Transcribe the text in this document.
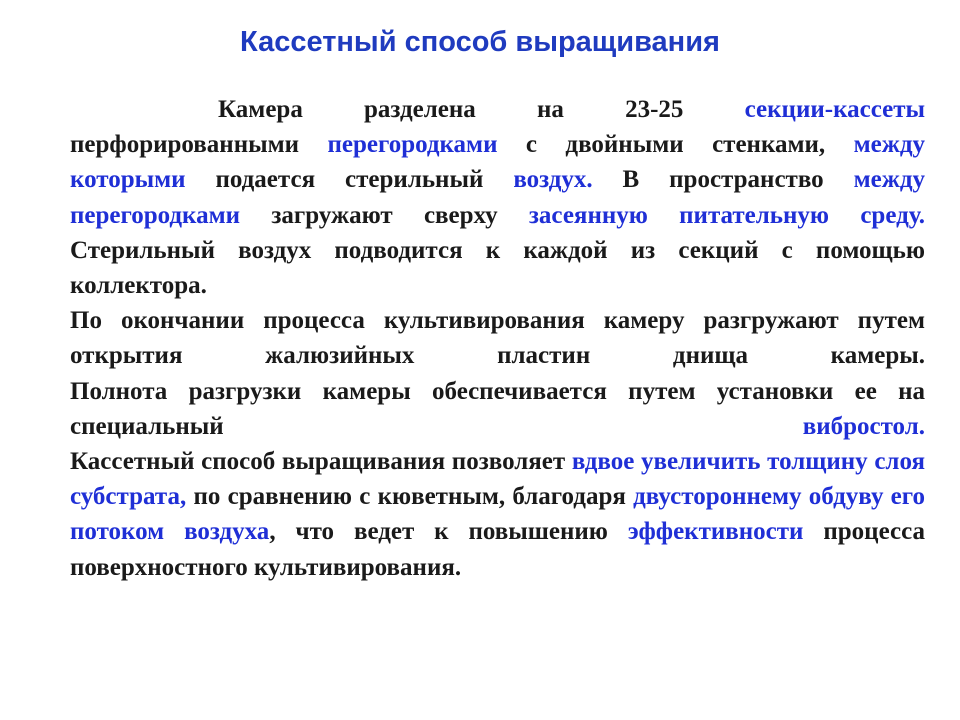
Кассетный способ выращивания

Камера разделена на 23-25 секции-кассеты перфорированными перегородками с двойными стенками, между которыми подается стерильный воздух. В пространство между перегородками загружают сверху засеянную питательную среду. Стерильный воздух подводится к каждой из секций с помощью коллектора.

По окончании процесса культивирования камеру разгружают путем открытия жалюзийных пластин днища камеры.

Полнота разгрузки камеры обеспечивается путем установки ее на специальный вибростол.

Кассетный способ выращивания позволяет вдвое увеличить толщину слоя субстрата, по сравнению с кюветным, благодаря двустороннему обдуву его потоком воздуха, что ведет к повышению эффективности процесса поверхностного культивирования.
